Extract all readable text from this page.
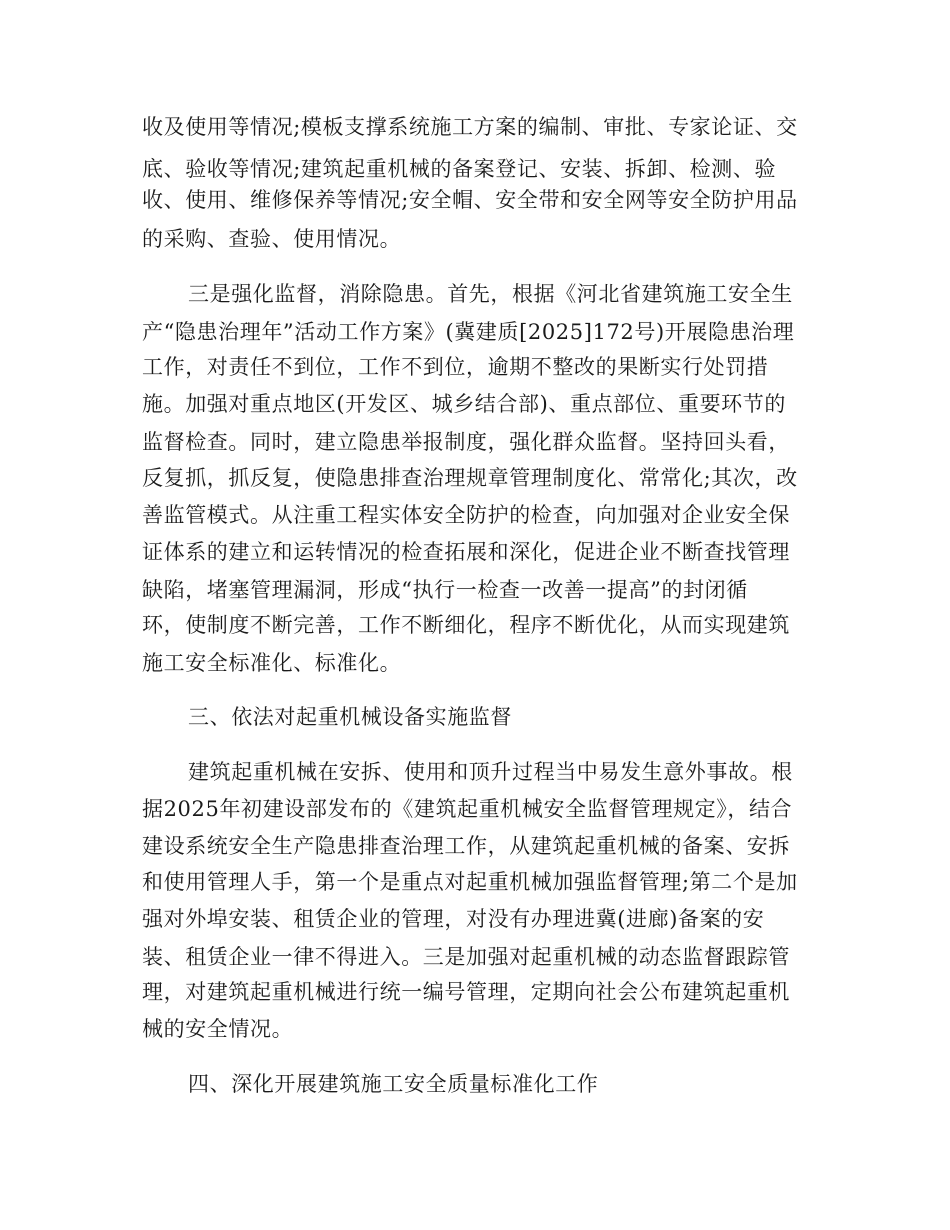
收及使用等情况;模板支撑系统施工方案的编制、审批、专家论证、交
底、验收等情况;建筑起重机械的备案登记、安装、拆卸、检测、验
收、使用、维修保养等情况;安全帽、安全带和安全网等安全防护用品
的采购、查验、使用情况。
三是强化监督，消除隐患。首先，根据《河北省建筑施工安全生
产“隐患治理年”活动工作方案》(冀建质[2025]172号)开展隐患治理
工作，对责任不到位，工作不到位，逾期不整改的果断实行处罚措
施。加强对重点地区(开发区、城乡结合部)、重点部位、重要环节的
监督检查。同时，建立隐患举报制度，强化群众监督。坚持回头看，
反复抓，抓反复，使隐患排查治理规章管理制度化、常常化;其次，改
善监管模式。从注重工程实体安全防护的检查，向加强对企业安全保
证体系的建立和运转情况的检查拓展和深化，促进企业不断查找管理
缺陷，堵塞管理漏洞，形成“执行一检查一改善一提高”的封闭循
环，使制度不断完善，工作不断细化，程序不断优化，从而实现建筑
施工安全标准化、标准化。
三、依法对起重机械设备实施监督
建筑起重机械在安拆、使用和顶升过程当中易发生意外事故。根
据2025年初建设部发布的《建筑起重机械安全监督管理规定》，结合
建设系统安全生产隐患排查治理工作，从建筑起重机械的备案、安拆
和使用管理人手，第一个是重点对起重机械加强监督管理;第二个是加
强对外埠安装、租赁企业的管理，对没有办理进冀(进廊)备案的安
装、租赁企业一律不得进入。三是加强对起重机械的动态监督跟踪管
理，对建筑起重机械进行统一编号管理，定期向社会公布建筑起重机
械的安全情况。
四、深化开展建筑施工安全质量标准化工作
